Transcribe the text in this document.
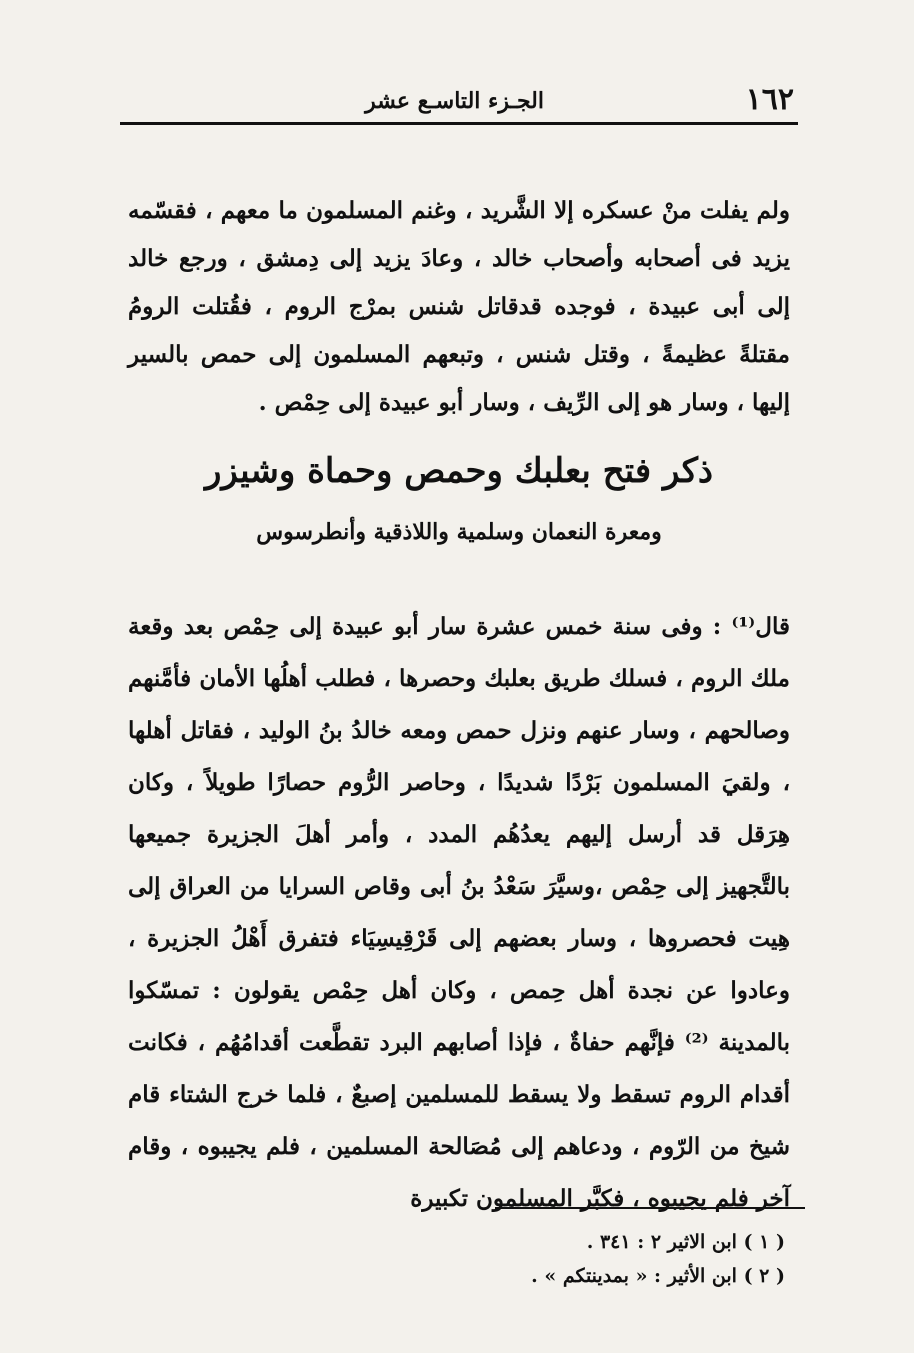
١٦٢
الجـزء التاسـع عشر

ولم يفلت منْ عسكره إلا الشَّريد ، وغنم المسلمون ما معهم ، فقسّمه يزيد فى أصحابه وأصحاب خالد ، وعادَ يزيد إلى دِمشق ، ورجع خالد إلى أبى عبيدة ، فوجده قدقاتل شنس بمرْج الروم ، فقُتلت الرومُ مقتلةً عظيمةً ، وقتل شنس ، وتبعهم المسلمون إلى حمص بالسير إليها ، وسار هو إلى الرِّيف ، وسار أبو عبيدة إلى حِمْص .

ذكر فتح بعلبك وحمص وحماة وشيزر
ومعرة النعمان وسلمية واللاذقية وأنطرسوس

قال⁽¹⁾ : وفى سنة خمس عشرة سار أبو عبيدة إلى حِمْص بعد وقعة ملك الروم ، فسلك طريق بعلبك وحصرها ، فطلب أهلُها الأمان فأمَّنهم وصالحهم ، وسار عنهم ونزل حمص ومعه خالدُ بنُ الوليد ، فقاتل أهلها ، ولقيَ المسلمون بَرْدًا شديدًا ، وحاصر الرُّوم حصارًا طويلاً ، وكان هِرَقل قد أرسل إليهم يعدُهُم المدد ، وأمر أهلَ الجزيرة جميعها بالتَّجهيز إلى حِمْص ،وسيَّرَ سَعْدُ بنُ أبى وقاص السرايا من العراق إلى هِيت فحصروها ، وسار بعضهم إلى قَرْقِيسِيَاء فتفرق أَهْلُ الجزيرة ، وعادوا عن نجدة أهل حِمص ، وكان أهل حِمْص يقولون : تمسّكوا بالمدينة ⁽²⁾ فإنَّهم حفاةٌ ، فإذا أصابهم البرد تقطَّعت أقدامُهُم ، فكانت أقدام الروم تسقط ولا يسقط للمسلمين إصبعٌ ، فلما خرج الشتاء قام شيخ من الرّوم ، ودعاهم إلى مُصَالحة المسلمين ، فلم يجيبوه ، وقام آخر فلم يجيبوه ، فكبَّر المسلمون تكبيرة

( ١ ) ابن الاثير ٢ : ٣٤١ .
( ٢ ) ابن الأثير : « بمدينتكم » .
